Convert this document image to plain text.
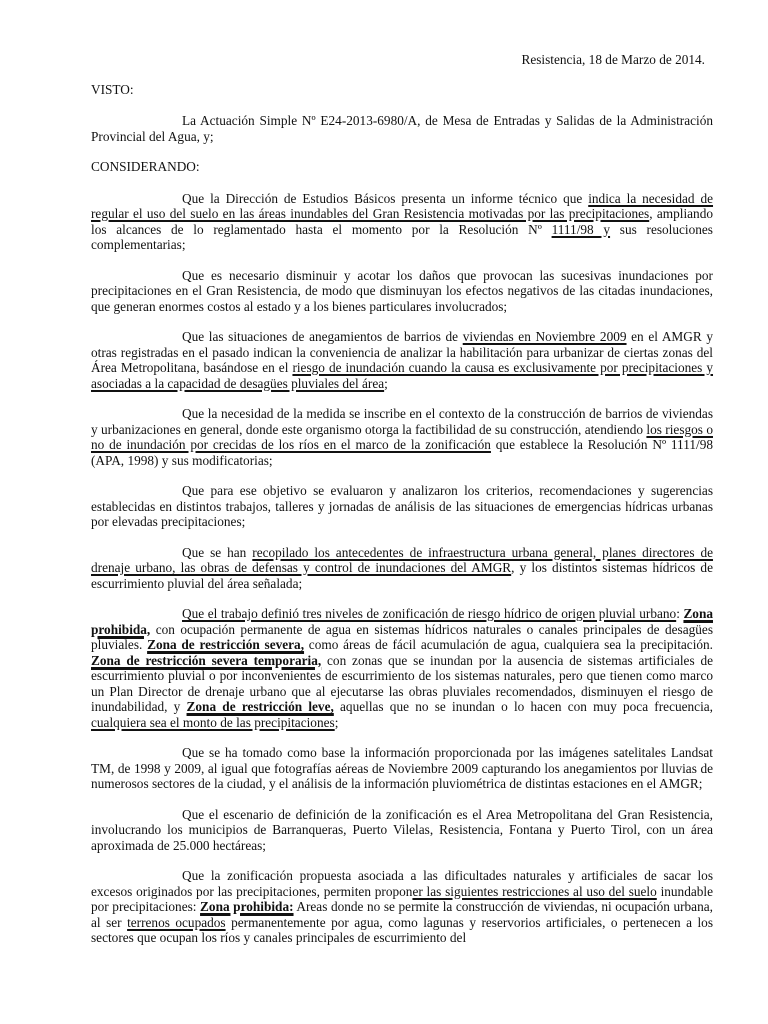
Resistencia, 18 de Marzo de 2014.
VISTO:

La Actuación Simple Nº E24-2013-6980/A, de Mesa de Entradas y Salidas de la Administración Provincial del Agua, y;

CONSIDERANDO:

Que la Dirección de Estudios Básicos presenta un informe técnico que indica la necesidad de regular el uso del suelo en las áreas inundables del Gran Resistencia motivadas por las precipitaciones, ampliando los alcances de lo reglamentado hasta el momento por la Resolución Nº 1111/98 y sus resoluciones complementarias;

Que es necesario disminuir y acotar los daños que provocan las sucesivas inundaciones por precipitaciones en el Gran Resistencia, de modo que disminuyan los efectos negativos de las citadas inundaciones, que generan enormes costos al estado y a los bienes particulares involucrados;

Que las situaciones de anegamientos de barrios de viviendas en Noviembre 2009 en el AMGR y otras registradas en el pasado indican la conveniencia de analizar la habilitación para urbanizar de ciertas zonas del Área Metropolitana, basándose en el riesgo de inundación cuando la causa es exclusivamente por precipitaciones y asociadas a la capacidad de desagües pluviales del área;

Que la necesidad de la medida se inscribe en el contexto de la construcción de barrios de viviendas y urbanizaciones en general, donde este organismo otorga la factibilidad de su construcción, atendiendo los riesgos o no de inundación por crecidas de los ríos en el marco de la zonificación que establece la Resolución Nº 1111/98 (APA, 1998) y sus modificatorias;

Que para ese objetivo se evaluaron y analizaron los criterios, recomendaciones y sugerencias establecidas en distintos trabajos, talleres y jornadas de análisis de las situaciones de emergencias hídricas urbanas por elevadas precipitaciones;

Que se han recopilado los antecedentes de infraestructura urbana general, planes directores de drenaje urbano, las obras de defensas y control de inundaciones del AMGR, y los distintos sistemas hídricos de escurrimiento pluvial del área señalada;

Que el trabajo definió tres niveles de zonificación de riesgo hídrico de origen pluvial urbano: Zona prohibida, con ocupación permanente de agua en sistemas hídricos naturales o canales principales de desagües pluviales. Zona de restricción severa, como áreas de fácil acumulación de agua, cualquiera sea la precipitación. Zona de restricción severa temporaria, con zonas que se inundan por la ausencia de sistemas artificiales de escurrimiento pluvial o por inconvenientes de escurrimiento de los sistemas naturales, pero que tienen como marco un Plan Director de drenaje urbano que al ejecutarse las obras pluviales recomendados, disminuyen el riesgo de inundabilidad, y Zona de restricción leve, aquellas que no se inundan o lo hacen con muy poca frecuencia, cualquiera sea el monto de las precipitaciones;

Que se ha tomado como base la información proporcionada por las imágenes satelitales Landsat TM, de 1998 y 2009, al igual que fotografías aéreas de Noviembre 2009 capturando los anegamientos por lluvias de numerosos sectores de la ciudad, y el análisis de la información pluviométrica de distintas estaciones en el AMGR;

Que el escenario de definición de la zonificación es el Area Metropolitana del Gran Resistencia, involucrando los municipios de Barranqueras, Puerto Vilelas, Resistencia, Fontana y Puerto Tirol, con un área aproximada de 25.000 hectáreas;

Que la zonificación propuesta asociada a las dificultades naturales y artificiales de sacar los excesos originados por las precipitaciones, permiten proponer las siguientes restricciones al uso del suelo inundable por precipitaciones: Zona prohibida: Areas donde no se permite la construcción de viviendas, ni ocupación urbana, al ser terrenos ocupados permanentemente por agua, como lagunas y reservorios artificiales, o pertenecen a los sectores que ocupan los ríos y canales principales de escurrimiento del
